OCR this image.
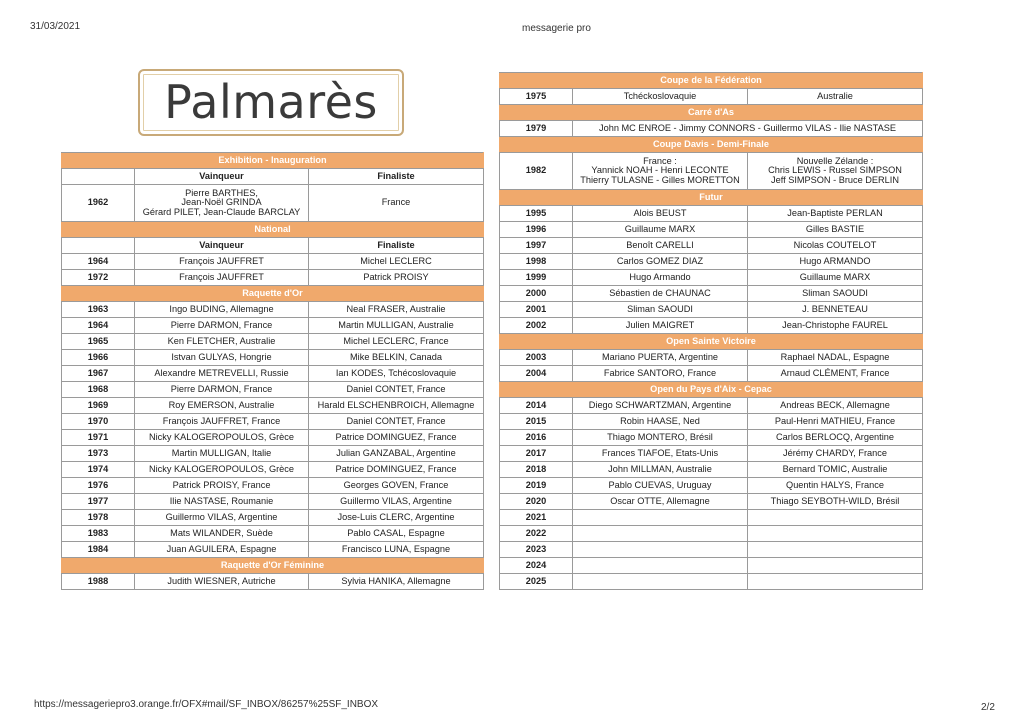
31/03/2021	messagerie pro
https://messageriepro3.orange.fr/OFX#mail/SF_INBOX/86257%25SF_INBOX	2/2
Palmarès
Exhibition - Inauguration		
	Vainqueur	Finaliste
1962	Pierre BARTHES,
Jean-Noël GRINDA
Gérard PILET, Jean-Claude BARCLAY	France
National		
	Vainqueur	Finaliste
1964	François JAUFFRET	Michel LECLERC
1972	François JAUFFRET	Patrick PROISY
Raquette d'Or		
1963	Ingo BUDING, Allemagne	Neal FRASER, Australie
1964	Pierre DARMON, France	Martin MULLIGAN, Australie
1965	Ken FLETCHER, Australie	Michel LECLERC, France
1966	Istvan GULYAS, Hongrie	Mike BELKIN, Canada
1967	Alexandre METREVELLI, Russie	Ian KODES, Tchécoslovaquie
1968	Pierre DARMON, France	Daniel CONTET, France
1969	Roy EMERSON, Australie	Harald ELSCHENBROICH, Allemagne
1970	François JAUFFRET, France	Daniel CONTET, France
1971	Nicky KALOGEROPOULOS, Grèce	Patrice DOMINGUEZ, France
1973	Martin MULLIGAN, Italie	Julian GANZABAL, Argentine
1974	Nicky KALOGEROPOULOS, Grèce	Patrice DOMINGUEZ, France
1976	Patrick PROISY, France	Georges GOVEN, France
1977	Ilie NASTASE, Roumanie	Guillermo VILAS, Argentine
1978	Guillermo VILAS, Argentine	Jose-Luis CLERC, Argentine
1983	Mats WILANDER, Suède	Pablo CASAL, Espagne
1984	Juan AGUILERA, Espagne	Francisco LUNA, Espagne
Raquette d'Or Féminine		
1988	Judith WIESNER, Autriche	Sylvia HANIKA, Allemagne
Coupe de la Fédération		
1975	Tchéckoslovaquie	Australie
Carré d'As		
1979	John MC ENROE - Jimmy CONNORS - Guillermo VILAS - Ilie NASTASE	
Coupe Davis - Demi-Finale		
1982	France :
Yannick NOAH - Henri LECONTE
Thierry TULASNE - Gilles MORETTON	Nouvelle Zélande :
Chris LEWIS - Russel SIMPSON
Jeff SIMPSON - Bruce DERLIN
Futur		
1995	Alois BEUST	Jean-Baptiste PERLAN
1996	Guillaume MARX	Gilles BASTIE
1997	Benoît CARELLI	Nicolas COUTELOT
1998	Carlos GOMEZ DIAZ	Hugo ARMANDO
1999	Hugo Armando	Guillaume MARX
2000	Sébastien de CHAUNAC	Sliman SAOUDI
2001	Sliman SAOUDI	J. BENNETEAU
2002	Julien MAIGRET	Jean-Christophe FAUREL
Open Sainte Victoire		
2003	Mariano PUERTA, Argentine	Raphael NADAL, Espagne
2004	Fabrice SANTORO, France	Arnaud CLÉMENT, France
Open du Pays d'Aix - Cepac		
2014	Diego SCHWARTZMAN, Argentine	Andreas BECK, Allemagne
2015	Robin HAASE, Ned	Paul-Henri MATHIEU, France
2016	Thiago MONTERO, Brésil	Carlos BERLOCQ, Argentine
2017	Frances TIAFOE, Etats-Unis	Jérémy CHARDY, France
2018	John MILLMAN, Australie	Bernard TOMIC, Australie
2019	Pablo CUEVAS, Uruguay	Quentin HALYS, France
2020	Oscar OTTE, Allemagne	Thiago SEYBOTH-WILD, Brésil
2021		
2022		
2023		
2024		
2025		
